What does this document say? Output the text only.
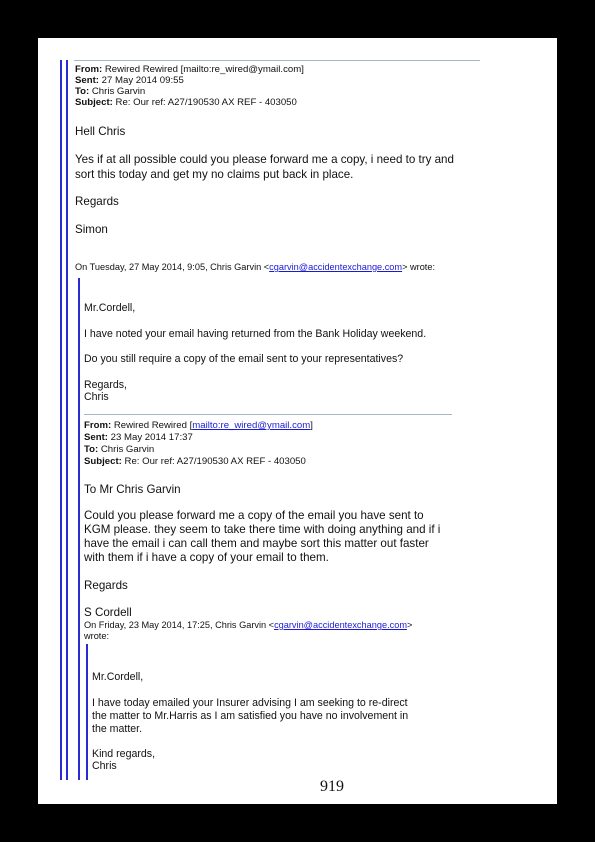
From: Rewired Rewired [mailto:re_wired@ymail.com]
Sent: 27 May 2014 09:55
To: Chris Garvin
Subject: Re: Our ref: A27/190530 AX REF - 403050
Hell Chris
Yes if at all possible could you please forward me a copy, i need to try and
sort this today and get my no claims put back in place.
Regards
Simon
On Tuesday, 27 May 2014, 9:05, Chris Garvin <cgarvin@accidentexchange.com> wrote:
Mr.Cordell,
I have noted your email having returned from the Bank Holiday weekend.
Do you still require a copy of the email sent to your representatives?
Regards,
Chris
From: Rewired Rewired [mailto:re_wired@ymail.com]
Sent: 23 May 2014 17:37
To: Chris Garvin
Subject: Re: Our ref: A27/190530 AX REF - 403050
To Mr Chris Garvin
Could you please forward me a copy of the email you have sent to
KGM please. they seem to take there time with doing anything and if i
have the email i can call them and maybe sort this matter out faster
with them if i have a copy of your email to them.
Regards
S Cordell
On Friday, 23 May 2014, 17:25, Chris Garvin <cgarvin@accidentexchange.com>
wrote:
Mr.Cordell,
I have today emailed your Insurer advising I am seeking to re-direct
the matter to Mr.Harris as I am satisfied you have no involvement in
the matter.
Kind regards,
Chris
919
